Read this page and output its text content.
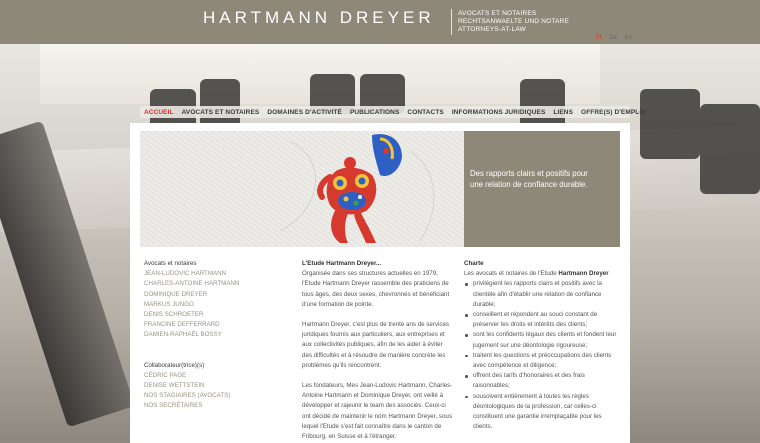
HARTMANN DREYER	AVOCATS ET NOTAIRES
RECHTSANWAELTE UND NOTARE
ATTORNEYS-AT-LAW
Fr | De | En
ACCUEIL	AVOCATS ET NOTAIRES	DOMAINES D'ACTIVITÉ	PUBLICATIONS	CONTACTS	INFORMATIONS JURIDIQUES	LIENS	OFFRE(S) D'EMPLOI
Des rapports clairs et positifs pour une relation de confiance durable.
Avocats et notaires
JEAN-LUDOVIC HARTMANN
CHARLES-ANTOINE HARTMANN
DOMINIQUE DREYER
MARKUS JUNGO
DENIS SCHROETER
FRANCINE DEFFERRARD
DAMIEN-RAPHAËL BOSSY
Collaborateur(trice)(s)
CÉDRIC PAGE
DENISE WETTSTEIN
NOS STAGIAIRES (AVOCATS)
NOS SECRÉTAIRES
L'Etude Hartmann Dreyer...

Organisée dans ses structures actuelles en 1979, l'Etude Hartmann Dreyer rassemble des praticiens de tous âges, des deux sexes, chevronnés et bénéficiant d'une formation de pointe.

Hartmann Dreyer, c'est plus de trente ans de services juridiques fournis aux particuliers, aux entreprises et aux collectivités publiques, afin de les aider à éviter des difficultés et à résoudre de manière concrète les problèmes qu'ils rencontrent.

Les fondateurs, Mes Jean-Ludovic Hartmann, Charles-Antoine Hartmann et Dominique Dreyer, ont veillé à développer et rajeunir le team des associés. Ceux-ci ont décidé de maintenir le nom Hartmann Dreyer, sous lequel l'Etude s'est fait connaître dans le canton de Fribourg, en Suisse et à l'étranger.

Charte
Les avocats et notaires de l'Etude Hartmann Dreyer
privilégient les rapports clairs et positifs avec la clientèle afin d'établir une relation de confiance durable;
conseillent et répondent au souci constant de préserver les droits et intérêts des clients;
sont les confidents légaux des clients et fondent leur jugement sur une déontologie rigoureuse;
traitent les questions et préoccupations des clients avec compétence et diligence;
offrent des tarifs d'honoraires et des frais raisonnables;
sousoivent entièrement à toutes les règles déontologiques de la profession, car celles-ci constituent une garantie irremplaçable pour les clients.
